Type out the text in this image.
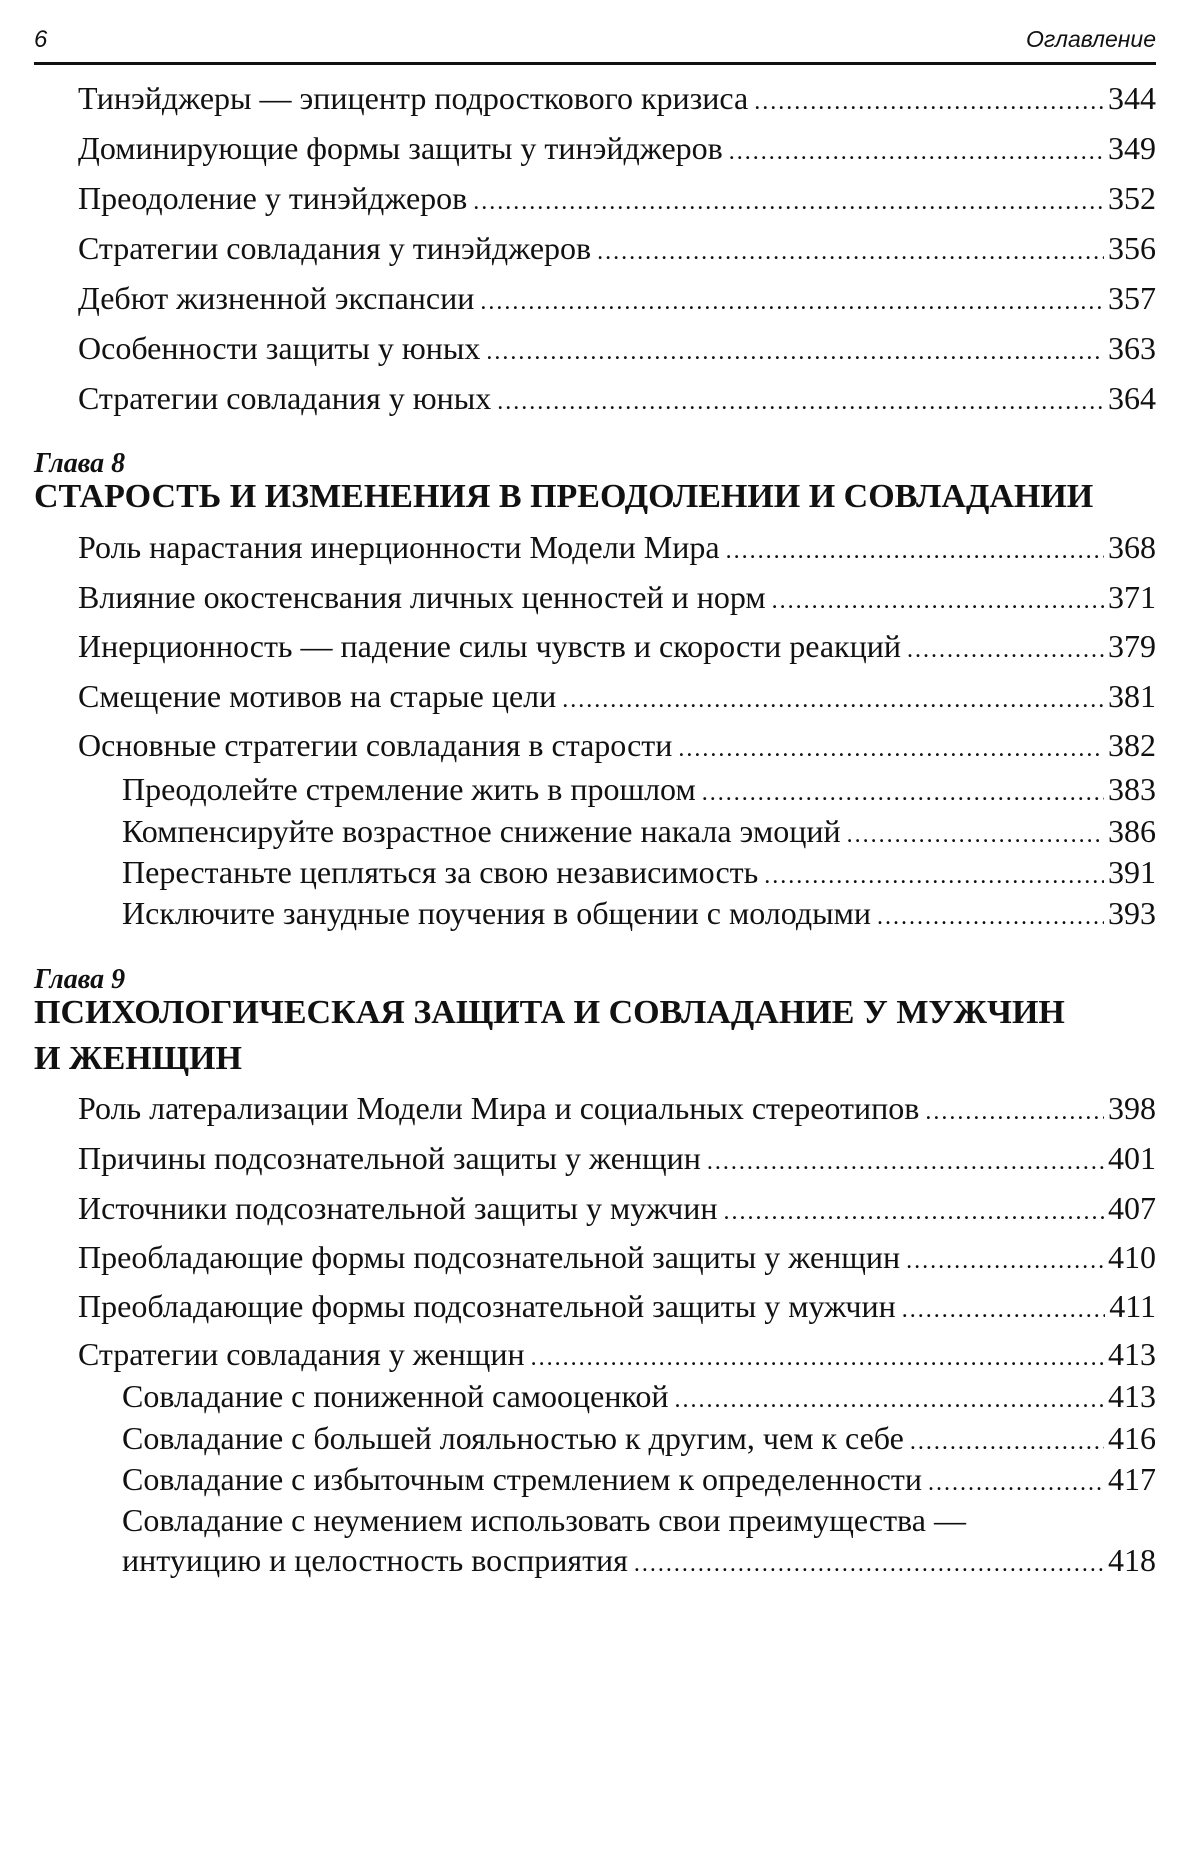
6	Оглавление
Тинэйджеры — эпицентр подросткового кризиса .....	344
Доминирующие формы защиты у тинэйджеров .....	349
Преодоление у тинэйджеров .....	352
Стратегии совладания у тинэйджеров .....	356
Дебют жизненной экспансии .....	357
Особенности защиты у юных .....	363
Стратегии совладания у юных .....	364
Глава 8
СТАРОСТЬ И ИЗМЕНЕНИЯ В ПРЕОДОЛЕНИИ И СОВЛАДАНИИ
Роль нарастания инерционности Модели Мира .....	368
Влияние окостенсвания личных ценностей и норм .....	371
Инерционность — падение силы чувств и скорости реакций .....	379
Смещение мотивов на старые цели .....	381
Основные стратегии совладания в старости .....	382
Преодолейте стремление жить в прошлом .....	383
Компенсируйте возрастное снижение накала эмоций .....	386
Перестаньте цепляться за свою независимость .....	391
Исключите занудные поучения в общении с молодыми .....	393
Глава 9
ПСИХОЛОГИЧЕСКАЯ ЗАЩИТА И СОВЛАДАНИЕ У МУЖЧИН
И ЖЕНЩИН
Роль латерализации Модели Мира и социальных стереотипов .....	398
Причины подсознательной защиты у женщин .....	401
Источники подсознательной защиты у мужчин .....	407
Преобладающие формы подсознательной защиты у женщин .....	410
Преобладающие формы подсознательной защиты у мужчин .....	411
Стратегии совладания у женщин .....	413
Совладание с пониженной самооценкой .....	413
Совладание с большей лояльностью к другим, чем к себе .....	416
Совладание с избыточным стремлением к определенности .....	417
Совладание с неумением использовать свои преимущества —
интуицию и целостность восприятия .....	418
